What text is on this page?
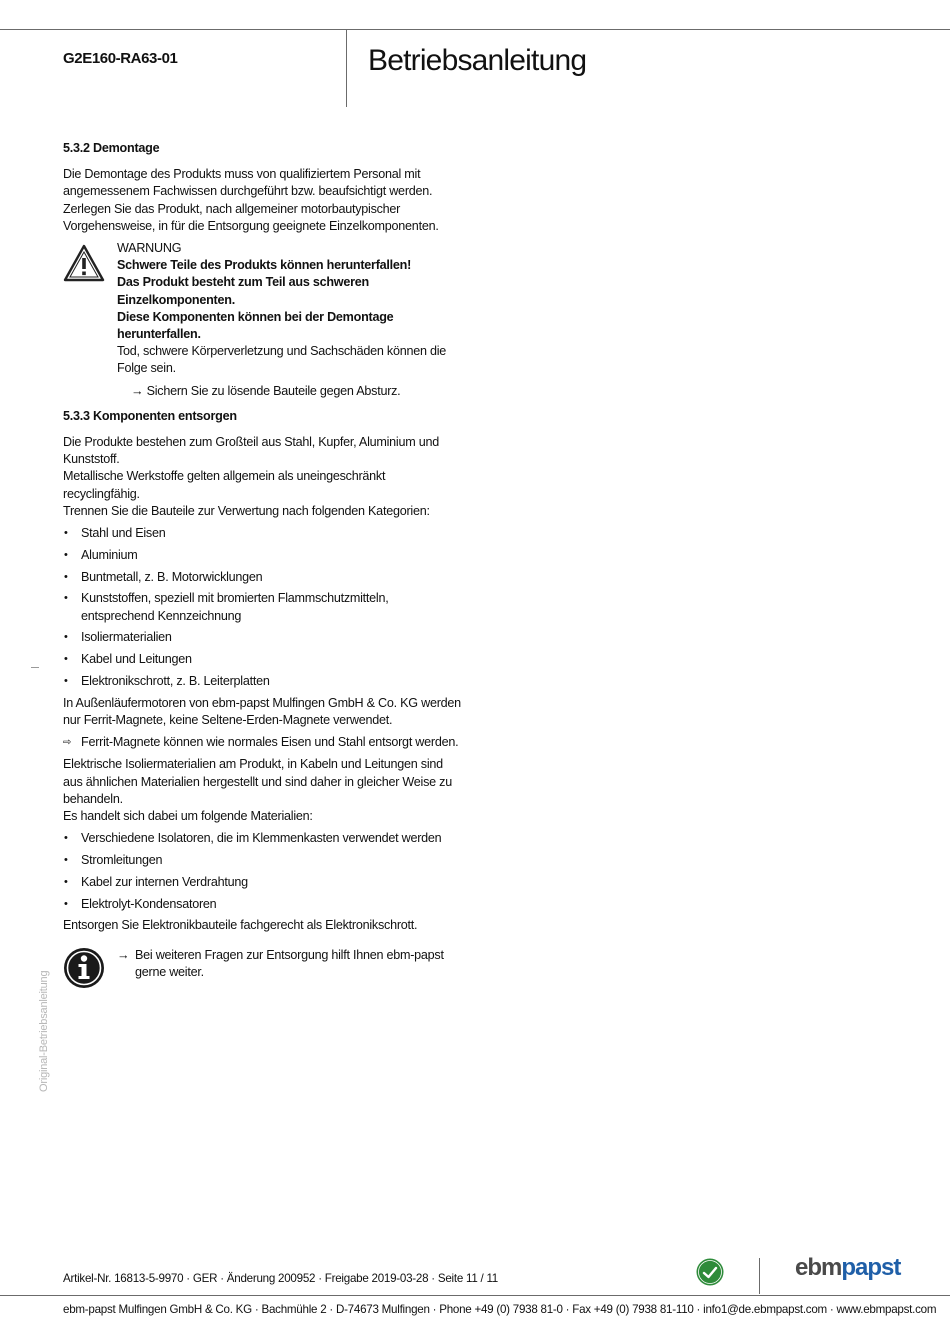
G2E160-RA63-01	Betriebsanleitung
5.3.2 Demontage
Die Demontage des Produkts muss von qualifiziertem Personal mit angemessenem Fachwissen durchgeführt bzw. beaufsichtigt werden. Zerlegen Sie das Produkt, nach allgemeiner motorbautypischer Vorgehensweise, in für die Entsorgung geeignete Einzelkomponenten.
WARNUNG
Schwere Teile des Produkts können herunterfallen!
Das Produkt besteht zum Teil aus schweren Einzelkomponenten.
Diese Komponenten können bei der Demontage herunterfallen.
Tod, schwere Körperverletzung und Sachschäden können die Folge sein.
→ Sichern Sie zu lösende Bauteile gegen Absturz.
5.3.3 Komponenten entsorgen
Die Produkte bestehen zum Großteil aus Stahl, Kupfer, Aluminium und Kunststoff.
Metallische Werkstoffe gelten allgemein als uneingeschränkt recyclingfähig.
Trennen Sie die Bauteile zur Verwertung nach folgenden Kategorien:
• Stahl und Eisen
• Aluminium
• Buntmetall, z. B. Motorwicklungen
• Kunststoffen, speziell mit bromierten Flammschutzmitteln, entsprechend Kennzeichnung
• Isoliermaterialien
• Kabel und Leitungen
• Elektronikschrott, z. B. Leiterplatten
In Außenläufermotoren von ebm-papst Mulfingen GmbH & Co. KG werden nur Ferrit-Magnete, keine Seltene-Erden-Magnete verwendet.
⇨ Ferrit-Magnete können wie normales Eisen und Stahl entsorgt werden.
Elektrische Isoliermaterialien am Produkt, in Kabeln und Leitungen sind aus ähnlichen Materialien hergestellt und sind daher in gleicher Weise zu behandeln.
Es handelt sich dabei um folgende Materialien:
• Verschiedene Isolatoren, die im Klemmenkasten verwendet werden
• Stromleitungen
• Kabel zur internen Verdrahtung
• Elektrolyt-Kondensatoren
Entsorgen Sie Elektronikbauteile fachgerecht als Elektronikschrott.
→ Bei weiteren Fragen zur Entsorgung hilft Ihnen ebm-papst gerne weiter.
Original-Betriebsanleitung
Artikel-Nr. 16813-5-9970 · GER · Änderung 200952 · Freigabe 2019-03-28 · Seite 11 / 11	ebmpapst
ebm-papst Mulfingen GmbH & Co. KG · Bachmühle 2 · D-74673 Mulfingen · Phone +49 (0) 7938 81-0 · Fax +49 (0) 7938 81-110 · info1@de.ebmpapst.com · www.ebmpapst.com
